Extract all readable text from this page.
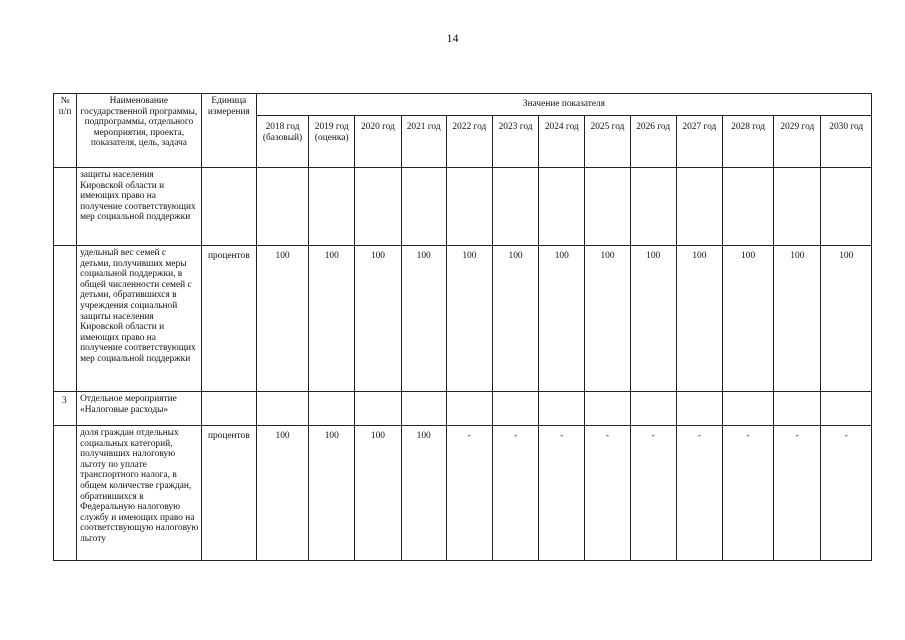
14
№
п/п	Наименование государственной программы, подпрограммы, отдельного мероприятия, проекта, показателя, цель, задача	Единица измерения	Значение показателя												
			2018 год (базовый)	2019 год (оценка)	2020 год	2021 год	2022 год	2023 год	2024 год	2025 год	2026 год	2027 год	2028 год	2029 год	2030 год
	защиты населения Кировской области и имеющих право на получение соответствующих мер социальной поддержки														
	удельный вес семей с детьми, получивших меры социальной поддержки, в общей численности семей с детьми, обратившихся в учреждения социальной защиты населения Кировской области и имеющих право на получение соответствующих мер социальной поддержки	процентов	100	100	100	100	100	100	100	100	100	100	100	100	100
3	Отдельное мероприятие «Налоговые расходы»														
	доля граждан отдельных социальных категорий, получивших налоговую льготу по уплате транспортного налога, в общем количестве граждан, обратившихся в Федеральную налоговую службу и имеющих право на соответствующую налоговую льготу	процентов	100	100	100	100	-	-	-	-	-	-	-	-	-
